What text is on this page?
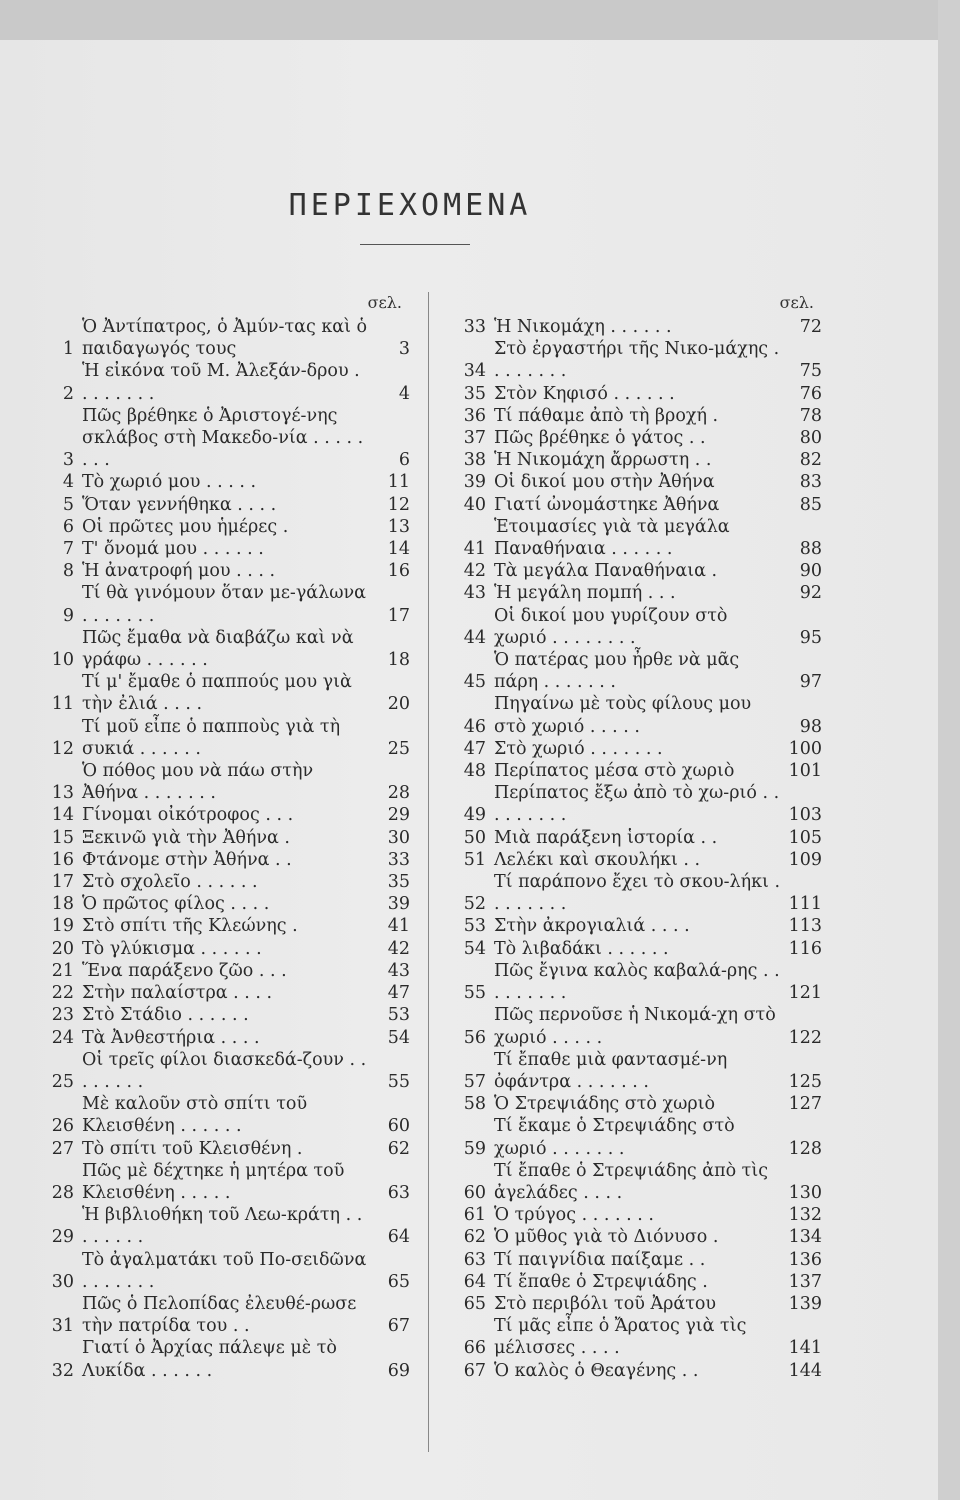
ΠΕΡΙΕΧΟΜΕΝΑ
σελ.
1
Ὁ Ἀντίπατρος, ὁ Ἀμύν-τας καὶ ὁ παιδαγωγός τους	3
2
Ἡ εἰκόνα τοῦ Μ. Ἀλεξάν-δρου . . . . . . . .	4
3
Πῶς βρέθηκε ὁ Ἀριστογέ-νης σκλάβος στὴ Μακεδο-νία . . . . . . . .	6
4 Τὸ χωριό μου . . . . .	11
5 Ὅταν γεννήθηκα . . . .	12
6 Οἱ πρῶτες μου ἡμέρες .	13
7 Τ' ὄνομά μου . . . . . .	14
8 Ἡ ἀνατροφή μου . . . .	16
9
Τί θὰ γινόμουν ὅταν με-γάλωνα . . . . . . .	17
10
Πῶς ἔμαθα νὰ διαβάζω καὶ νὰ γράφω . . . . . .	18
11
Τί μ' ἔμαθε ὁ παππούς μου γιὰ τὴν ἐλιά . . . .	20
12
Τί μοῦ εἶπε ὁ παπποὺς γιὰ τὴ συκιά . . . . . .	25
13
Ὁ πόθος μου νὰ πάω στὴν Ἀθήνα . . . . . . .	28
14 Γίνομαι οἰκότροφος . . .	29
15 Ξεκινῶ γιὰ τὴν Ἀθήνα .	30
16 Φτάνομε στὴν Ἀθήνα . .	33
17 Στὸ σχολεῖο . . . . . .	35
18 Ὁ πρῶτος φίλος . . . .	39
19 Στὸ σπίτι τῆς Κλεώνης .	41
20 Τὸ γλύκισμα . . . . . .	42
21 Ἕνα παράξενο ζῶο . . .	43
22 Στὴν παλαίστρα . . . .	47
23 Στὸ Στάδιο . . . . . .	53
24 Τὰ Ἀνθεστήρια . . . .	54
25
Οἱ τρεῖς φίλοι διασκεδά-ζουν . . . . . . . .	55
26
Μὲ καλοῦν στὸ σπίτι τοῦ Κλεισθένη . . . . . .	60
27 Τὸ σπίτι τοῦ Κλεισθένη .	62
28
Πῶς μὲ δέχτηκε ἡ μητέρα τοῦ Κλεισθένη . . . . .	63
29
Ἡ βιβλιοθήκη τοῦ Λεω-κράτη . . . . . . . .	64
30
Τὸ ἀγαλματάκι τοῦ Πο-σειδῶνα . . . . . . .	65
31
Πῶς ὁ Πελοπίδας ἐλευθέ-ρωσε τὴν πατρίδα του . .	67
32
Γιατί ὁ Ἀρχίας πάλεψε μὲ τὸ Λυκίδα . . . . . .	69
σελ.
33 Ἡ Νικομάχη . . . . . .	72
34
Στὸ ἐργαστήρι τῆς Νικο-μάχης . . . . . . . .	75
35 Στὸν Κηφισό . . . . . .	76
36 Τί πάθαμε ἀπὸ τὴ βροχή .	78
37 Πῶς βρέθηκε ὁ γάτος . .	80
38 Ἡ Νικομάχη ἄρρωστη . .	82
39 Οἱ δικοί μου στὴν Ἀθήνα	83
40 Γιατί ὠνομάστηκε Ἀθήνα	85
41
Ἑτοιμασίες γιὰ τὰ μεγάλα Παναθήναια . . . . . .	88
42 Τὰ μεγάλα Παναθήναια .	90
43 Ἡ μεγάλη πομπή . . .	92
44
Οἱ δικοί μου γυρίζουν στὸ χωριό . . . . . . . .	95
45
Ὁ πατέρας μου ἦρθε νὰ μᾶς πάρη . . . . . . .	97
46
Πηγαίνω μὲ τοὺς φίλους μου στὸ χωριό . . . . .	98
47 Στὸ χωριό . . . . . . .	100
48 Περίπατος μέσα στὸ χωριὸ	101
49
Περίπατος ἔξω ἀπὸ τὸ χω-ριό . . . . . . . . .	103
50 Μιὰ παράξενη ἱστορία . .	105
51 Λελέκι καὶ σκουλήκι . .	109
52
Τί παράπονο ἔχει τὸ σκου-λήκι . . . . . . . .	111
53 Στὴν ἀκρογιαλιά . . . .	113
54 Τὸ λιβαδάκι . . . . . .	116
55
Πῶς ἔγινα καλὸς καβαλά-ρης . . . . . . . . .	121
56
Πῶς περνοῦσε ἡ Νικομά-χη στὸ χωριό . . . . .	122
57
Τί ἔπαθε μιὰ φαντασμέ-νη ὀφάντρα . . . . . . .	125
58 Ὁ Στρεψιάδης στὸ χωριὸ	127
59
Τί ἔκαμε ὁ Στρεψιάδης στὸ χωριό . . . . . . .	128
60
Τί ἔπαθε ὁ Στρεψιάδης ἀπὸ τὶς ἀγελάδες . . . .	130
61 Ὁ τρύγος . . . . . . .	132
62 Ὁ μῦθος γιὰ τὸ Διόνυσο .	134
63 Τί παιγνίδια παίξαμε . .	136
64 Τί ἔπαθε ὁ Στρεψιάδης .	137
65 Στὸ περιβόλι τοῦ Ἀράτου	139
66
Τί μᾶς εἶπε ὁ Ἄρατος γιὰ τὶς μέλισσες . . . .	141
67 Ὁ καλὸς ὁ Θεαγένης . .	144
